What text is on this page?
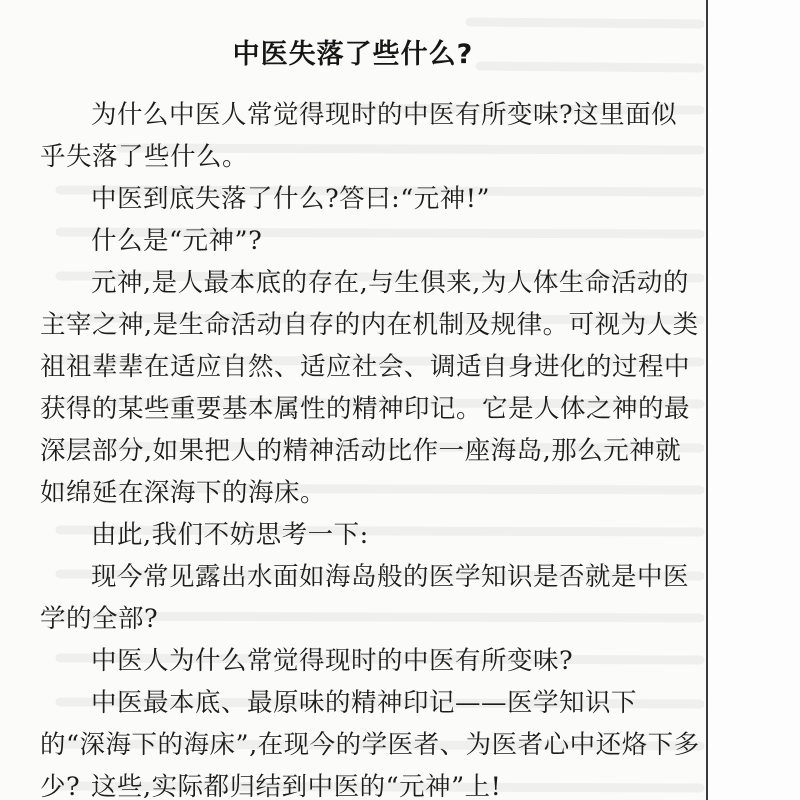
中医失落了些什么?

为什么中医人常觉得现时的中医有所变味?这里面似乎失落了些什么。

中医到底失落了什么?答曰:“元神!”

什么是“元神”?

元神,是人最本底的存在,与生俱来,为人体生命活动的主宰之神,是生命活动自存的内在机制及规律。可视为人类祖祖辈辈在适应自然、适应社会、调适自身进化的过程中获得的某些重要基本属性的精神印记。它是人体之神的最深层部分,如果把人的精神活动比作一座海岛,那么元神就如绵延在深海下的海床。

由此,我们不妨思考一下:

现今常见露出水面如海岛般的医学知识是否就是中医学的全部?

中医人为什么常觉得现时的中医有所变味?

中医最本底、最原味的精神印记——医学知识下的“深海下的海床”,在现今的学医者、为医者心中还烙下多少? 这些,实际都归结到中医的“元神”上!
